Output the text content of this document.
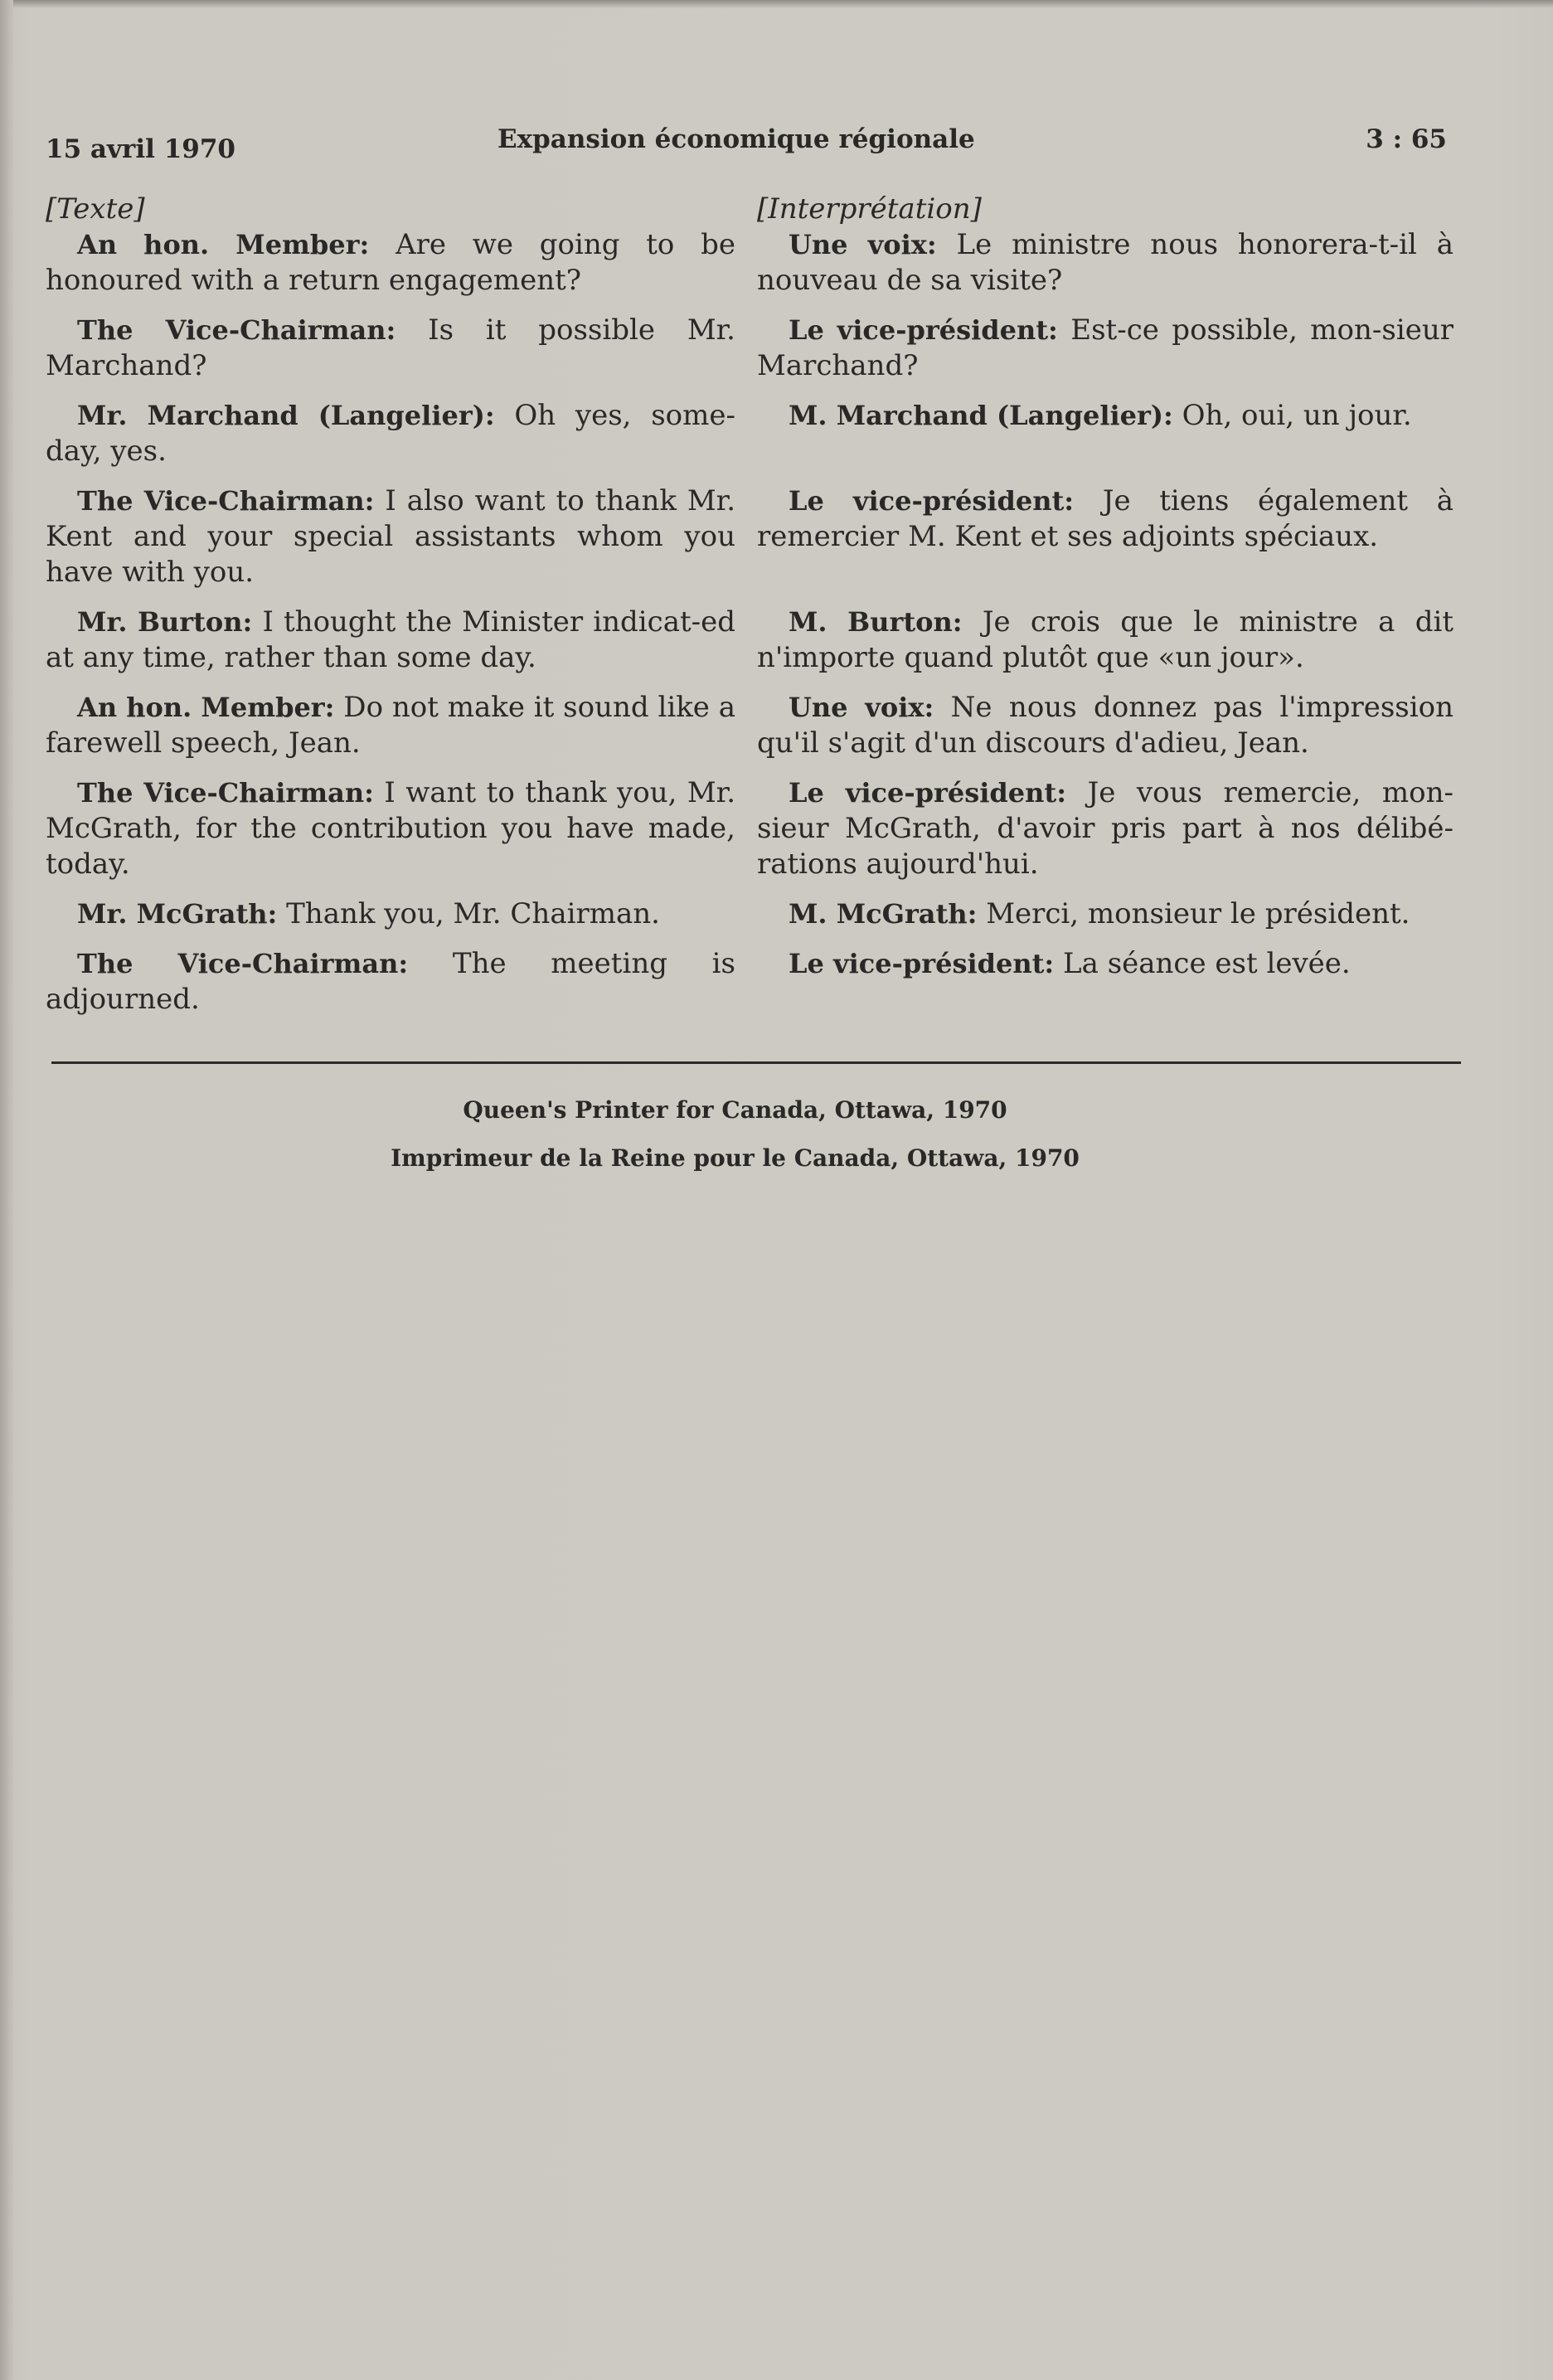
15 avril 1970	Expansion économique régionale	3 : 65
[Texte]

An hon. Member: Are we going to be honoured with a return engagement?

The Vice-Chairman: Is it possible Mr. Marchand?

Mr. Marchand (Langelier): Oh yes, some-day, yes.

The Vice-Chairman: I also want to thank Mr. Kent and your special assistants whom you have with you.

Mr. Burton: I thought the Minister indicat-ed at any time, rather than some day.

An hon. Member: Do not make it sound like a farewell speech, Jean.

The Vice-Chairman: I want to thank you, Mr. McGrath, for the contribution you have made, today.

Mr. McGrath: Thank you, Mr. Chairman.

The Vice-Chairman: The meeting is adjourned.

[Interprétation]

Une voix: Le ministre nous honorera-t-il à nouveau de sa visite?

Le vice-président: Est-ce possible, mon-sieur Marchand?

M. Marchand (Langelier): Oh, oui, un jour.

Le vice-président: Je tiens également à remercier M. Kent et ses adjoints spéciaux.

M. Burton: Je crois que le ministre a dit n'importe quand plutôt que «un jour».

Une voix: Ne nous donnez pas l'impression qu'il s'agit d'un discours d'adieu, Jean.

Le vice-président: Je vous remercie, mon-sieur McGrath, d'avoir pris part à nos délibé-rations aujourd'hui.

M. McGrath: Merci, monsieur le président.

Le vice-président: La séance est levée.

Queen's Printer for Canada, Ottawa, 1970
Imprimeur de la Reine pour le Canada, Ottawa, 1970
